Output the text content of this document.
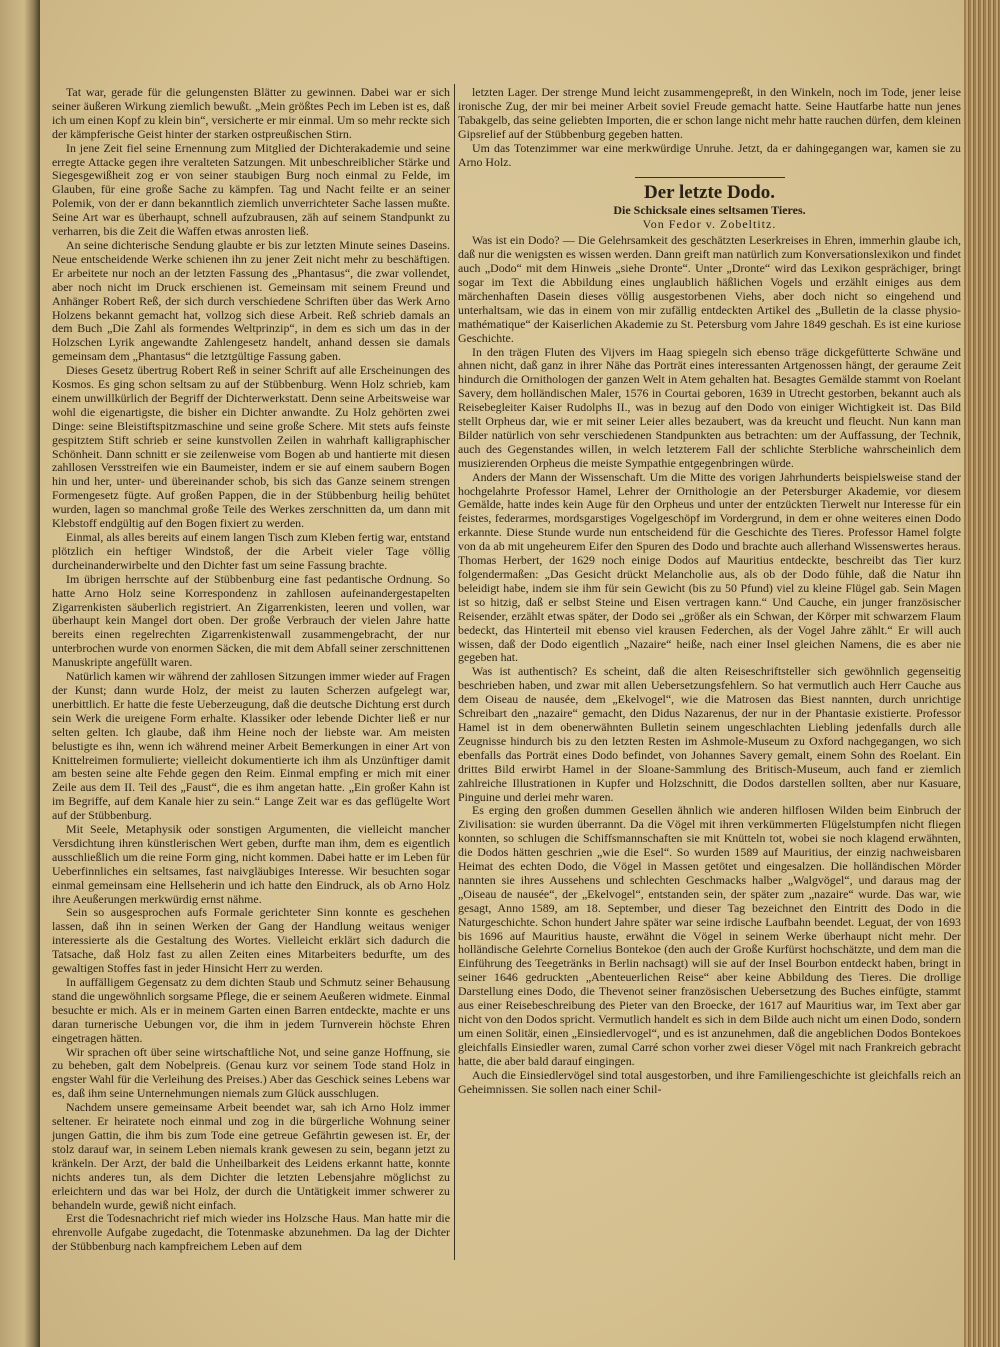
Tat war, gerade für die gelungensten Blätter zu gewinnen. Dabei war er sich seiner äußeren Wirkung ziemlich bewußt. „Mein größtes Pech im Leben ist es, daß ich um einen Kopf zu klein bin“, versicherte er mir einmal. Um so mehr reckte sich der kämpferische Geist hinter der starken ostpreußischen Stirn.

In jene Zeit fiel seine Ernennung zum Mitglied der Dichterakademie und seine erregte Attacke gegen ihre veralteten Satzungen. Mit unbeschreiblicher Stärke und Siegesgewißheit zog er von seiner staubigen Burg noch einmal zu Felde, im Glauben, für eine große Sache zu kämpfen. Tag und Nacht feilte er an seiner Polemik, von der er dann bekanntlich ziemlich unverrichteter Sache lassen mußte. Seine Art war es überhaupt, schnell aufzubrausen, zäh auf seinem Standpunkt zu verharren, bis die Zeit die Waffen etwas anrosten ließ.

An seine dichterische Sendung glaubte er bis zur letzten Minute seines Daseins. Neue entscheidende Werke schienen ihn zu jener Zeit nicht mehr zu beschäftigen. Er arbeitete nur noch an der letzten Fassung des „Phantasus“, die zwar vollendet, aber noch nicht im Druck erschienen ist. Gemeinsam mit seinem Freund und Anhänger Robert Reß, der sich durch verschiedene Schriften über das Werk Arno Holzens bekannt gemacht hat, vollzog sich diese Arbeit. Reß schrieb damals an dem Buch „Die Zahl als formendes Weltprinzip“, in dem es sich um das in der Holzschen Lyrik angewandte Zahlengesetz handelt, anhand dessen sie damals gemeinsam dem „Phantasus“ die letztgültige Fassung gaben.

Dieses Gesetz übertrug Robert Reß in seiner Schrift auf alle Erscheinungen des Kosmos. Es ging schon seltsam zu auf der Stübbenburg. Wenn Holz schrieb, kam einem unwillkürlich der Begriff der Dichterwerkstatt. Denn seine Arbeitsweise war wohl die eigenartigste, die bisher ein Dichter anwandte. Zu Holz gehörten zwei Dinge: seine Bleistiftspitzmaschine und seine große Schere. Mit stets aufs feinste gespitztem Stift schrieb er seine kunstvollen Zeilen in wahrhaft kalligraphischer Schönheit. Dann schnitt er sie zeilenweise vom Bogen ab und hantierte mit diesen zahllosen Versstreifen wie ein Baumeister, indem er sie auf einem saubern Bogen hin und her, unter- und übereinander schob, bis sich das Ganze seinem strengen Formengesetz fügte. Auf großen Pappen, die in der Stübbenburg heilig behütet wurden, lagen so manchmal große Teile des Werkes zerschnitten da, um dann mit Klebstoff endgültig auf den Bogen fixiert zu werden.

Einmal, als alles bereits auf einem langen Tisch zum Kleben fertig war, entstand plötzlich ein heftiger Windstoß, der die Arbeit vieler Tage völlig durcheinanderwirbelte und den Dichter fast um seine Fassung brachte.

Im übrigen herrschte auf der Stübbenburg eine fast pedantische Ordnung. So hatte Arno Holz seine Korrespondenz in zahllosen aufeinandergestapelten Zigarrenkisten säuberlich registriert. An Zigarrenkisten, leeren und vollen, war überhaupt kein Mangel dort oben. Der große Verbrauch der vielen Jahre hatte bereits einen regelrechten Zigarrenkistenwall zusammengebracht, der nur unterbrochen wurde von enormen Säcken, die mit dem Abfall seiner zerschnittenen Manuskripte angefüllt waren.

Natürlich kamen wir während der zahllosen Sitzungen immer wieder auf Fragen der Kunst; dann wurde Holz, der meist zu lauten Scherzen aufgelegt war, unerbittlich. Er hatte die feste Ueberzeugung, daß die deutsche Dichtung erst durch sein Werk die ureigene Form erhalte. Klassiker oder lebende Dichter ließ er nur selten gelten. Ich glaube, daß ihm Heine noch der liebste war. Am meisten belustigte es ihn, wenn ich während meiner Arbeit Bemerkungen in einer Art von Knittelreimen formulierte; vielleicht dokumentierte ich ihm als Unzünftiger damit am besten seine alte Fehde gegen den Reim. Einmal empfing er mich mit einer Zeile aus dem II. Teil des „Faust“, die es ihm angetan hatte. „Ein großer Kahn ist im Begriffe, auf dem Kanale hier zu sein.“ Lange Zeit war es das geflügelte Wort auf der Stübbenburg.

Mit Seele, Metaphysik oder sonstigen Argumenten, die vielleicht mancher Versdichtung ihren künstlerischen Wert geben, durfte man ihm, dem es eigentlich ausschließlich um die reine Form ging, nicht kommen. Dabei hatte er im Leben für Ueberfinnliches ein seltsames, fast naivgläubiges Interesse. Wir besuchten sogar einmal gemeinsam eine Hellseherin und ich hatte den Eindruck, als ob Arno Holz ihre Aeußerungen merkwürdig ernst nähme.

Sein so ausgesprochen aufs Formale gerichteter Sinn konnte es geschehen lassen, daß ihn in seinen Werken der Gang der Handlung weitaus weniger interessierte als die Gestaltung des Wortes. Vielleicht erklärt sich dadurch die Tatsache, daß Holz fast zu allen Zeiten eines Mitarbeiters bedurfte, um des gewaltigen Stoffes fast in jeder Hinsicht Herr zu werden.

In auffälligem Gegensatz zu dem dichten Staub und Schmutz seiner Behausung stand die ungewöhnlich sorgsame Pflege, die er seinem Aeußeren widmete. Einmal besuchte er mich. Als er in meinem Garten einen Barren entdeckte, machte er uns daran turnerische Uebungen vor, die ihm in jedem Turnverein höchste Ehren eingetragen hätten.

Wir sprachen oft über seine wirtschaftliche Not, und seine ganze Hoffnung, sie zu beheben, galt dem Nobelpreis. (Genau kurz vor seinem Tode stand Holz in engster Wahl für die Verleihung des Preises.) Aber das Geschick seines Lebens war es, daß ihm seine Unternehmungen niemals zum Glück ausschlugen.

Nachdem unsere gemeinsame Arbeit beendet war, sah ich Arno Holz immer seltener. Er heiratete noch einmal und zog in die bürgerliche Wohnung seiner jungen Gattin, die ihm bis zum Tode eine getreue Gefährtin gewesen ist. Er, der stolz darauf war, in seinem Leben niemals krank gewesen zu sein, begann jetzt zu kränkeln. Der Arzt, der bald die Unheilbarkeit des Leidens erkannt hatte, konnte nichts anderes tun, als dem Dichter die letzten Lebensjahre möglichst zu erleichtern und das war bei Holz, der durch die Untätigkeit immer schwerer zu behandeln wurde, gewiß nicht einfach.

Erst die Todesnachricht rief mich wieder ins Holzsche Haus. Man hatte mir die ehrenvolle Aufgabe zugedacht, die Totenmaske abzunehmen. Da lag der Dichter der Stübbenburg nach kampfreichem Leben auf dem

letzten Lager. Der strenge Mund leicht zusammengepreßt, in den Winkeln, noch im Tode, jener leise ironische Zug, der mir bei meiner Arbeit soviel Freude gemacht hatte. Seine Hautfarbe hatte nun jenes Tabakgelb, das seine geliebten Importen, die er schon lange nicht mehr hatte rauchen dürfen, dem kleinen Gipsrelief auf der Stübbenburg gegeben hatten.

Um das Totenzimmer war eine merkwürdige Unruhe. Jetzt, da er dahingegangen war, kamen sie zu Arno Holz.

Der letzte Dodo.

Die Schicksale eines seltsamen Tieres.

Von Fedor v. Zobeltitz.

Was ist ein Dodo? — Die Gelehrsamkeit des geschätzten Leserkreises in Ehren, immerhin glaube ich, daß nur die wenigsten es wissen werden. Dann greift man natürlich zum Konversationslexikon und findet auch „Dodo“ mit dem Hinweis „siehe Dronte“. Unter „Dronte“ wird das Lexikon gesprächiger, bringt sogar im Text die Abbildung eines unglaublich häßlichen Vogels und erzählt einiges aus dem märchenhaften Dasein dieses völlig ausgestorbenen Viehs, aber doch nicht so eingehend und unterhaltsam, wie das in einem von mir zufällig entdeckten Artikel des „Bulletin de la classe physio-mathématique“ der Kaiserlichen Akademie zu St. Petersburg vom Jahre 1849 geschah. Es ist eine kuriose Geschichte.

In den trägen Fluten des Vijvers im Haag spiegeln sich ebenso träge dickgefütterte Schwäne und ahnen nicht, daß ganz in ihrer Nähe das Porträt eines interessanten Artgenossen hängt, der geraume Zeit hindurch die Ornithologen der ganzen Welt in Atem gehalten hat. Besagtes Gemälde stammt von Roelant Savery, dem holländischen Maler, 1576 in Courtai geboren, 1639 in Utrecht gestorben, bekannt auch als Reisebegleiter Kaiser Rudolphs II., was in bezug auf den Dodo von einiger Wichtigkeit ist. Das Bild stellt Orpheus dar, wie er mit seiner Leier alles bezaubert, was da kreucht und fleucht. Nun kann man Bilder natürlich von sehr verschiedenen Standpunkten aus betrachten: um der Auffassung, der Technik, auch des Gegenstandes willen, in welch letzterem Fall der schlichte Sterbliche wahrscheinlich dem musizierenden Orpheus die meiste Sympathie entgegenbringen würde.

Anders der Mann der Wissenschaft. Um die Mitte des vorigen Jahrhunderts beispielsweise stand der hochgelahrte Professor Hamel, Lehrer der Ornithologie an der Petersburger Akademie, vor diesem Gemälde, hatte indes kein Auge für den Orpheus und unter der entzückten Tierwelt nur Interesse für ein feistes, federarmes, mordsgarstiges Vogelgeschöpf im Vordergrund, in dem er ohne weiteres einen Dodo erkannte. Diese Stunde wurde nun entscheidend für die Geschichte des Tieres. Professor Hamel folgte von da ab mit ungeheurem Eifer den Spuren des Dodo und brachte auch allerhand Wissenswertes heraus. Thomas Herbert, der 1629 noch einige Dodos auf Mauritius entdeckte, beschreibt das Tier kurz folgendermaßen: „Das Gesicht drückt Melancholie aus, als ob der Dodo fühle, daß die Natur ihn beleidigt habe, indem sie ihm für sein Gewicht (bis zu 50 Pfund) viel zu kleine Flügel gab. Sein Magen ist so hitzig, daß er selbst Steine und Eisen vertragen kann.“ Und Cauche, ein junger französischer Reisender, erzählt etwas später, der Dodo sei „größer als ein Schwan, der Körper mit schwarzem Flaum bedeckt, das Hinterteil mit ebenso viel krausen Federchen, als der Vogel Jahre zählt.“ Er will auch wissen, daß der Dodo eigentlich „Nazaire“ heiße, nach einer Insel gleichen Namens, die es aber nie gegeben hat.

Was ist authentisch? Es scheint, daß die alten Reiseschriftsteller sich gewöhnlich gegenseitig beschrieben haben, und zwar mit allen Uebersetzungsfehlern. So hat vermutlich auch Herr Cauche aus dem Oiseau de nausée, dem „Ekelvogel“, wie die Matrosen das Biest nannten, durch unrichtige Schreibart den „nazaire“ gemacht, den Didus Nazarenus, der nur in der Phantasie existierte. Professor Hamel ist in dem obenerwähnten Bulletin seinem ungeschlachten Liebling jedenfalls durch alle Zeugnisse hindurch bis zu den letzten Resten im Ashmole-Museum zu Oxford nachgegangen, wo sich ebenfalls das Porträt eines Dodo befindet, von Johannes Savery gemalt, einem Sohn des Roelant. Ein drittes Bild erwirbt Hamel in der Sloane-Sammlung des Britisch-Museum, auch fand er ziemlich zahlreiche Illustrationen in Kupfer und Holzschnitt, die Dodos darstellen sollten, aber nur Kasuare, Pinguine und derlei mehr waren.

Es erging den großen dummen Gesellen ähnlich wie anderen hilflosen Wilden beim Einbruch der Zivilisation: sie wurden überrannt. Da die Vögel mit ihren verkümmerten Flügelstumpfen nicht fliegen konnten, so schlugen die Schiffsmannschaften sie mit Knütteln tot, wobei sie noch klagend erwähnten, die Dodos hätten geschrien „wie die Esel“. So wurden 1589 auf Mauritius, der einzig nachweisbaren Heimat des echten Dodo, die Vögel in Massen getötet und eingesalzen. Die holländischen Mörder nannten sie ihres Aussehens und schlechten Geschmacks halber „Walgvögel“, und daraus mag der „Oiseau de nausée“, der „Ekelvogel“, entstanden sein, der später zum „nazaire“ wurde. Das war, wie gesagt, Anno 1589, am 18. September, und dieser Tag bezeichnet den Eintritt des Dodo in die Naturgeschichte. Schon hundert Jahre später war seine irdische Laufbahn beendet. Leguat, der von 1693 bis 1696 auf Mauritius hauste, erwähnt die Vögel in seinem Werke überhaupt nicht mehr. Der holländische Gelehrte Cornelius Bontekoe (den auch der Große Kurfürst hochschätzte, und dem man die Einführung des Teegetränks in Berlin nachsagt) will sie auf der Insel Bourbon entdeckt haben, bringt in seiner 1646 gedruckten „Abenteuerlichen Reise“ aber keine Abbildung des Tieres. Die drollige Darstellung eines Dodo, die Thevenot seiner französischen Uebersetzung des Buches einfügte, stammt aus einer Reisebeschreibung des Pieter van den Broecke, der 1617 auf Mauritius war, im Text aber gar nicht von den Dodos spricht. Vermutlich handelt es sich in dem Bilde auch nicht um einen Dodo, sondern um einen Solitär, einen „Einsiedlervogel“, und es ist anzunehmen, daß die angeblichen Dodos Bontekoes gleichfalls Einsiedler waren, zumal Carré schon vorher zwei dieser Vögel mit nach Frankreich gebracht hatte, die aber bald darauf eingingen.

Auch die Einsiedlervögel sind total ausgestorben, und ihre Familiengeschichte ist gleichfalls reich an Geheimnissen. Sie sollen nach einer Schil-
